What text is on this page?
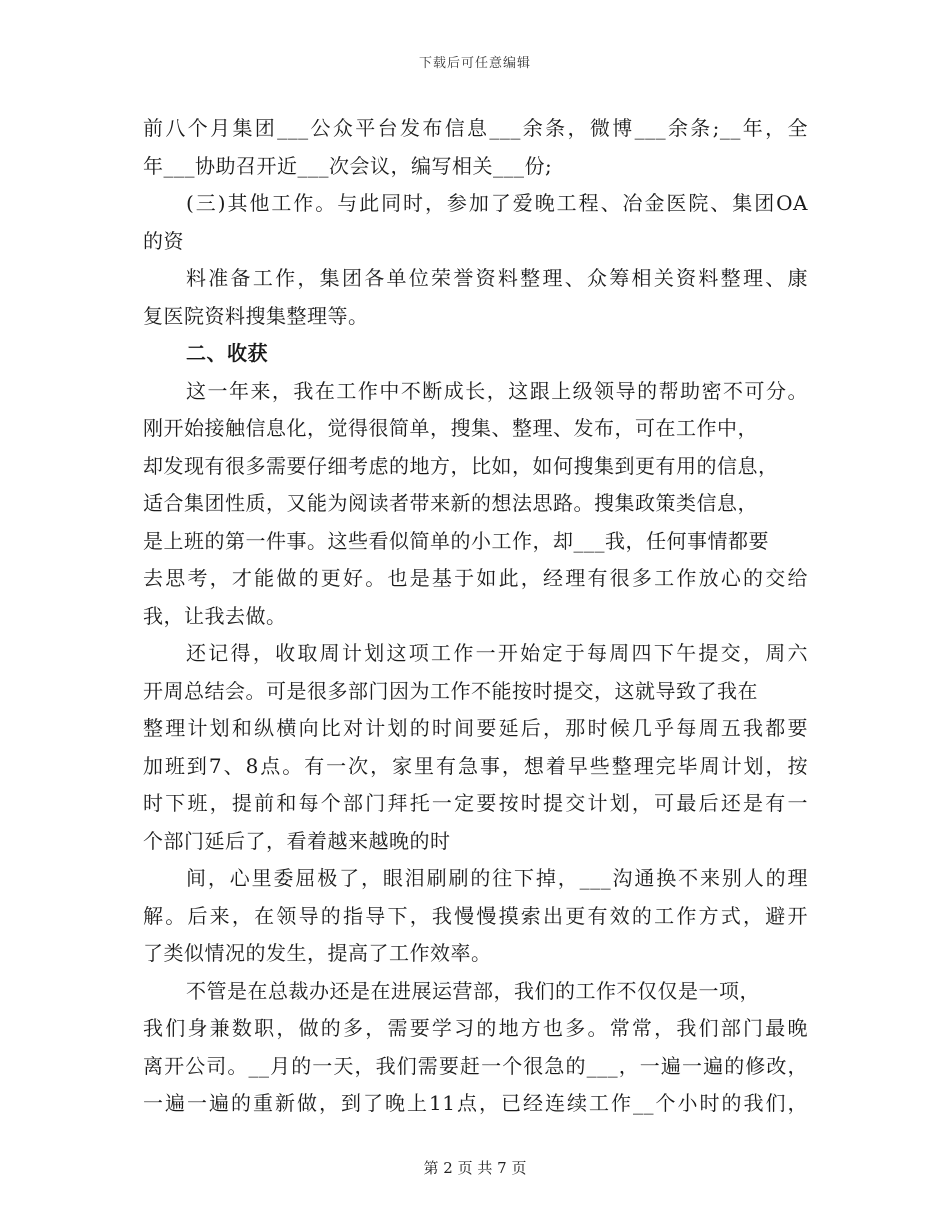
下载后可任意编辑
前八个月集团___公众平台发布信息___余条，微博___余条;__年，全
年___协助召开近___次会议，编写相关___份;
(三)其他工作。与此同时，参加了爱晚工程、冶金医院、集团OA
的资
料准备工作，集团各单位荣誉资料整理、众筹相关资料整理、康
复医院资料搜集整理等。
二、收获
这一年来，我在工作中不断成长，这跟上级领导的帮助密不可分。
刚开始接触信息化，觉得很简单，搜集、整理、发布，可在工作中，
却发现有很多需要仔细考虑的地方，比如，如何搜集到更有用的信息，
适合集团性质，又能为阅读者带来新的想法思路。搜集政策类信息，
是上班的第一件事。这些看似简单的小工作，却___我，任何事情都要
去思考，才能做的更好。也是基于如此，经理有很多工作放心的交给
我，让我去做。
还记得，收取周计划这项工作一开始定于每周四下午提交，周六
开周总结会。可是很多部门因为工作不能按时提交，这就导致了我在
整理计划和纵横向比对计划的时间要延后，那时候几乎每周五我都要
加班到7、8点。有一次，家里有急事，想着早些整理完毕周计划，按
时下班，提前和每个部门拜托一定要按时提交计划，可最后还是有一
个部门延后了，看着越来越晚的时
间，心里委屈极了，眼泪刷刷的往下掉，___沟通换不来别人的理
解。后来，在领导的指导下，我慢慢摸索出更有效的工作方式，避开
了类似情况的发生，提高了工作效率。
不管是在总裁办还是在进展运营部，我们的工作不仅仅是一项，
我们身兼数职，做的多，需要学习的地方也多。常常，我们部门最晚
离开公司。__月的一天，我们需要赶一个很急的___，一遍一遍的修改，
一遍一遍的重新做，到了晚上11点，已经连续工作__个小时的我们，
第 2 页 共 7 页
